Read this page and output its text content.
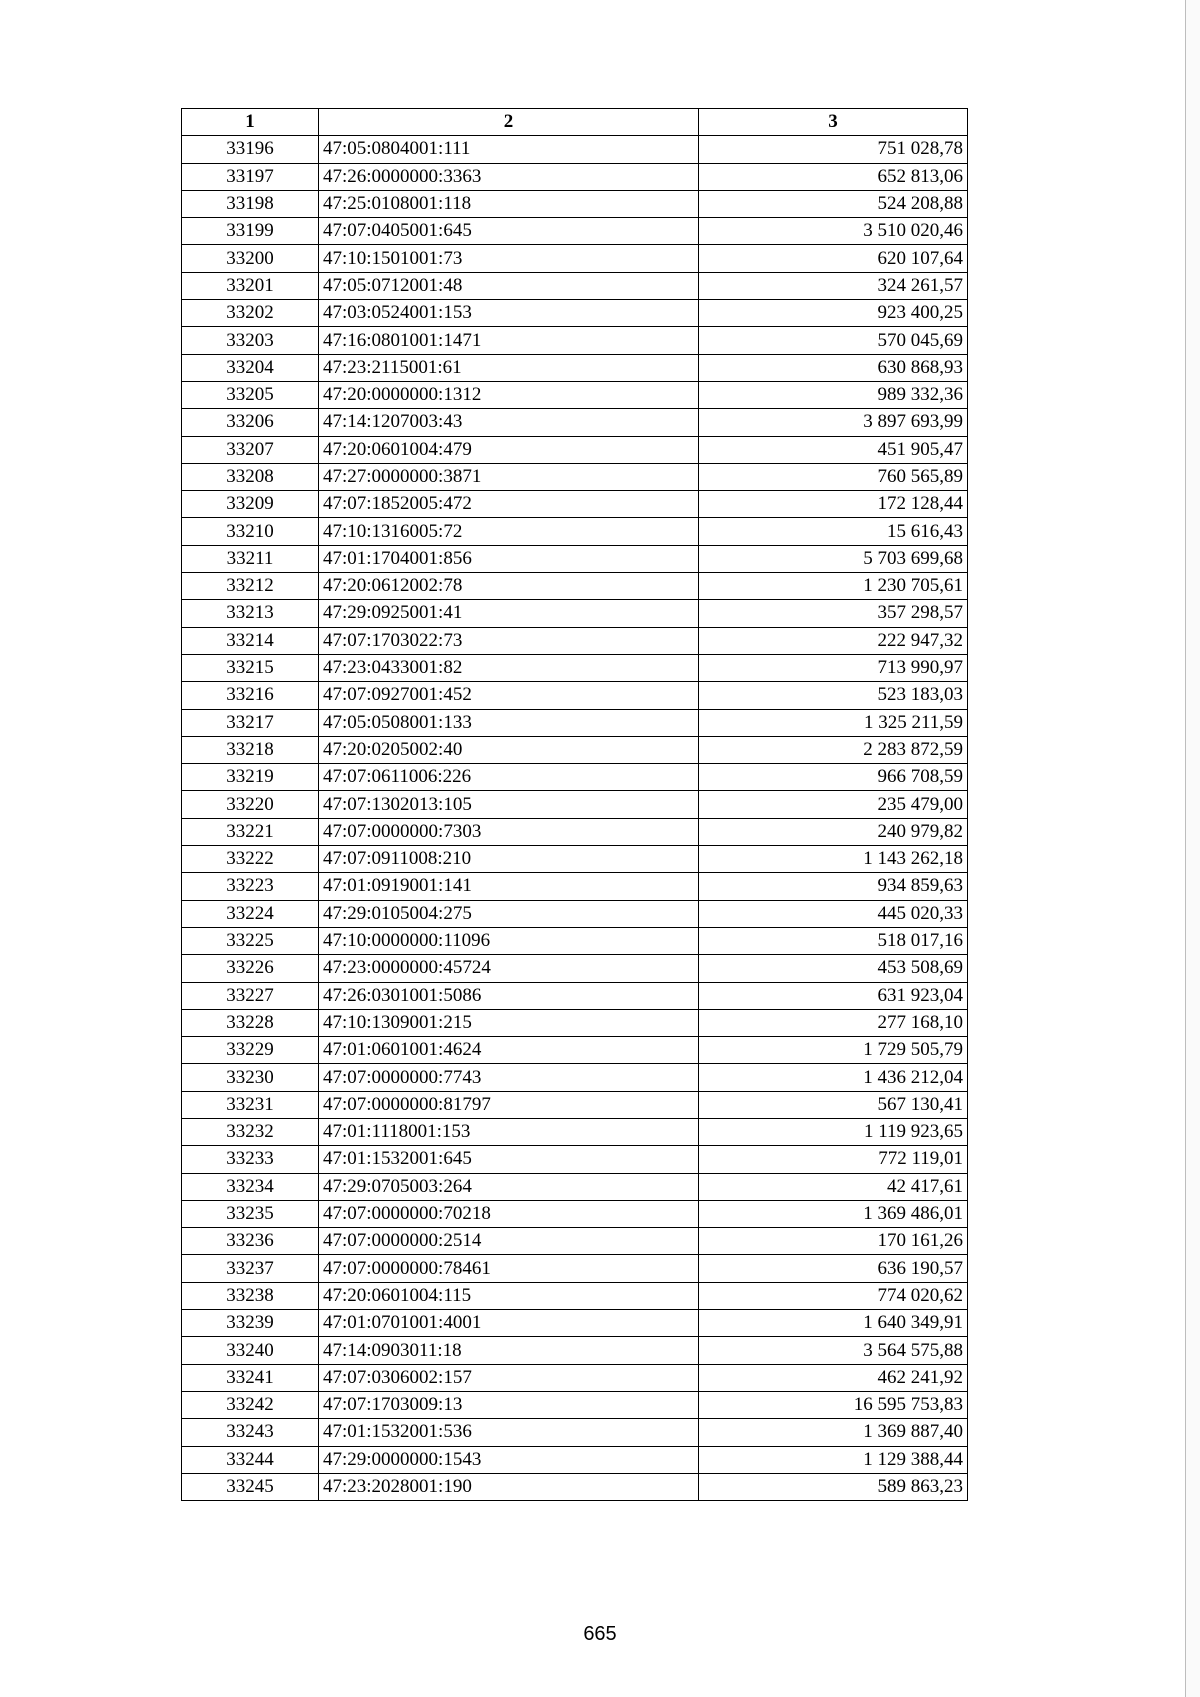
1	2	3
33196	47:05:0804001:111	751 028,78
33197	47:26:0000000:3363	652 813,06
33198	47:25:0108001:118	524 208,88
33199	47:07:0405001:645	3 510 020,46
33200	47:10:1501001:73	620 107,64
33201	47:05:0712001:48	324 261,57
33202	47:03:0524001:153	923 400,25
33203	47:16:0801001:1471	570 045,69
33204	47:23:2115001:61	630 868,93
33205	47:20:0000000:1312	989 332,36
33206	47:14:1207003:43	3 897 693,99
33207	47:20:0601004:479	451 905,47
33208	47:27:0000000:3871	760 565,89
33209	47:07:1852005:472	172 128,44
33210	47:10:1316005:72	15 616,43
33211	47:01:1704001:856	5 703 699,68
33212	47:20:0612002:78	1 230 705,61
33213	47:29:0925001:41	357 298,57
33214	47:07:1703022:73	222 947,32
33215	47:23:0433001:82	713 990,97
33216	47:07:0927001:452	523 183,03
33217	47:05:0508001:133	1 325 211,59
33218	47:20:0205002:40	2 283 872,59
33219	47:07:0611006:226	966 708,59
33220	47:07:1302013:105	235 479,00
33221	47:07:0000000:7303	240 979,82
33222	47:07:0911008:210	1 143 262,18
33223	47:01:0919001:141	934 859,63
33224	47:29:0105004:275	445 020,33
33225	47:10:0000000:11096	518 017,16
33226	47:23:0000000:45724	453 508,69
33227	47:26:0301001:5086	631 923,04
33228	47:10:1309001:215	277 168,10
33229	47:01:0601001:4624	1 729 505,79
33230	47:07:0000000:7743	1 436 212,04
33231	47:07:0000000:81797	567 130,41
33232	47:01:1118001:153	1 119 923,65
33233	47:01:1532001:645	772 119,01
33234	47:29:0705003:264	42 417,61
33235	47:07:0000000:70218	1 369 486,01
33236	47:07:0000000:2514	170 161,26
33237	47:07:0000000:78461	636 190,57
33238	47:20:0601004:115	774 020,62
33239	47:01:0701001:4001	1 640 349,91
33240	47:14:0903011:18	3 564 575,88
33241	47:07:0306002:157	462 241,92
33242	47:07:1703009:13	16 595 753,83
33243	47:01:1532001:536	1 369 887,40
33244	47:29:0000000:1543	1 129 388,44
33245	47:23:2028001:190	589 863,23
665
